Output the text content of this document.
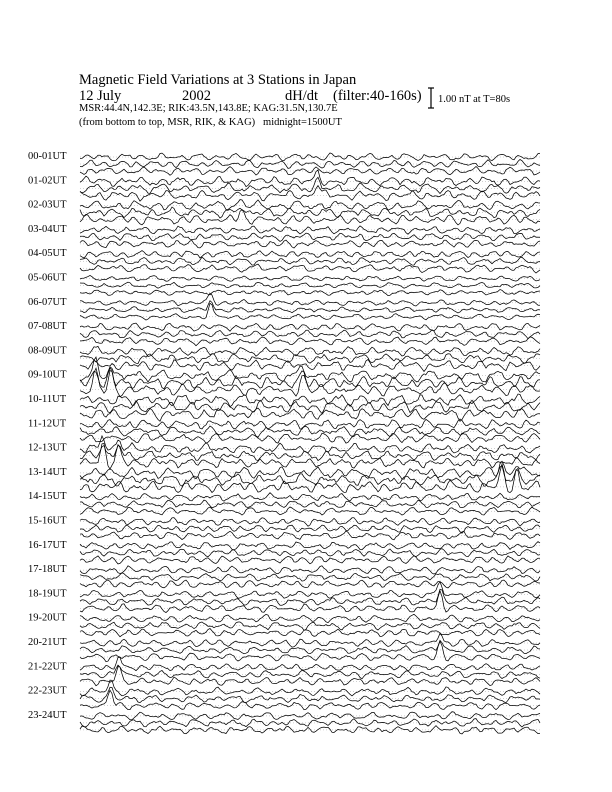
Magnetic Field Variations at 3 Stations in Japan
12 July	2002	dH/dt (filter:40-160s)
MSR:44.4N,142.3E; RIK:43.5N,143.8E; KAG:31.5N,130.7E
(from bottom to top, MSR, RIK, & KAG) midnight=1500UT
1.00 nT at T=80s
00-01UT
01-02UT
02-03UT
03-04UT
04-05UT
05-06UT
06-07UT
07-08UT
08-09UT
09-10UT
10-11UT
11-12UT
12-13UT
13-14UT
14-15UT
15-16UT
16-17UT
17-18UT
18-19UT
19-20UT
20-21UT
21-22UT
22-23UT
23-24UT
